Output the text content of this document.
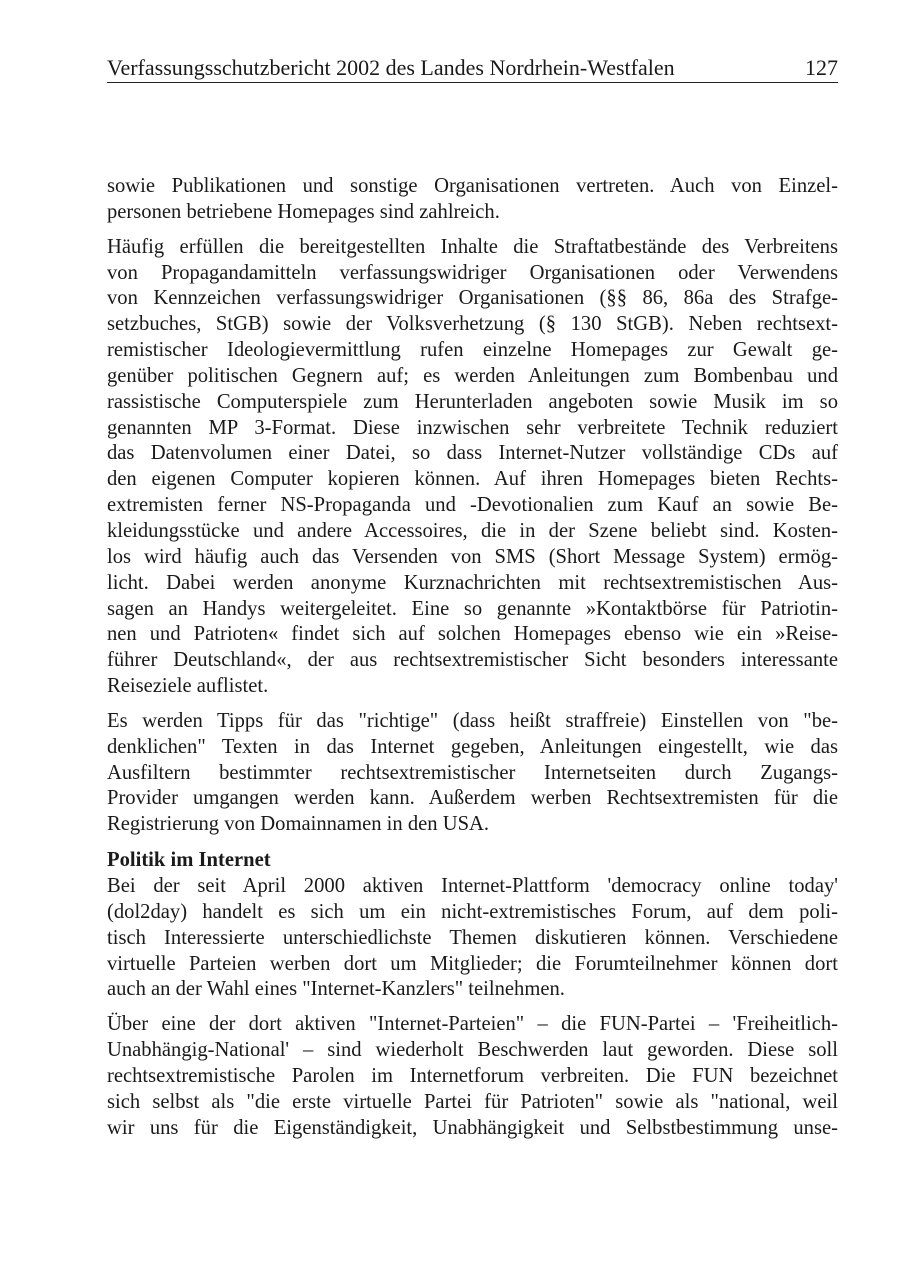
Verfassungsschutzbericht 2002 des Landes Nordrhein-Westfalen	127

sowie Publikationen und sonstige Organisationen vertreten. Auch von Einzel-
personen betriebene Homepages sind zahlreich.

Häufig erfüllen die bereitgestellten Inhalte die Straftatbestände des Verbreitens
von Propagandamitteln verfassungswidriger Organisationen oder Verwendens
von Kennzeichen verfassungswidriger Organisationen (§§ 86, 86a des Strafge-
setzbuches, StGB) sowie der Volksverhetzung (§ 130 StGB). Neben rechtsext-
remistischer Ideologievermittlung rufen einzelne Homepages zur Gewalt ge-
genüber politischen Gegnern auf; es werden Anleitungen zum Bombenbau und
rassistische Computerspiele zum Herunterladen angeboten sowie Musik im so
genannten MP 3-Format. Diese inzwischen sehr verbreitete Technik reduziert
das Datenvolumen einer Datei, so dass Internet-Nutzer vollständige CDs auf
den eigenen Computer kopieren können. Auf ihren Homepages bieten Rechts-
extremisten ferner NS-Propaganda und -Devotionalien zum Kauf an sowie Be-
kleidungsstücke und andere Accessoires, die in der Szene beliebt sind. Kosten-
los wird häufig auch das Versenden von SMS (Short Message System) ermög-
licht. Dabei werden anonyme Kurznachrichten mit rechtsextremistischen Aus-
sagen an Handys weitergeleitet. Eine so genannte »Kontaktbörse für Patriotin-
nen und Patrioten« findet sich auf solchen Homepages ebenso wie ein »Reise-
führer Deutschland«, der aus rechtsextremistischer Sicht besonders interessante
Reiseziele auflistet.

Es werden Tipps für das "richtige" (dass heißt straffreie) Einstellen von "be-
denklichen" Texten in das Internet gegeben, Anleitungen eingestellt, wie das
Ausfiltern bestimmter rechtsextremistischer Internetseiten durch Zugangs-
Provider umgangen werden kann. Außerdem werben Rechtsextremisten für die
Registrierung von Domainnamen in den USA.

Politik im Internet

Bei der seit April 2000 aktiven Internet-Plattform 'democracy online today'
(dol2day) handelt es sich um ein nicht-extremistisches Forum, auf dem poli-
tisch Interessierte unterschiedlichste Themen diskutieren können. Verschiedene
virtuelle Parteien werben dort um Mitglieder; die Forumteilnehmer können dort
auch an der Wahl eines "Internet-Kanzlers" teilnehmen.

Über eine der dort aktiven "Internet-Parteien" – die FUN-Partei – 'Freiheitlich-
Unabhängig-National' – sind wiederholt Beschwerden laut geworden. Diese soll
rechtsextremistische Parolen im Internetforum verbreiten. Die FUN bezeichnet
sich selbst als "die erste virtuelle Partei für Patrioten" sowie als "national, weil
wir uns für die Eigenständigkeit, Unabhängigkeit und Selbstbestimmung unse-
